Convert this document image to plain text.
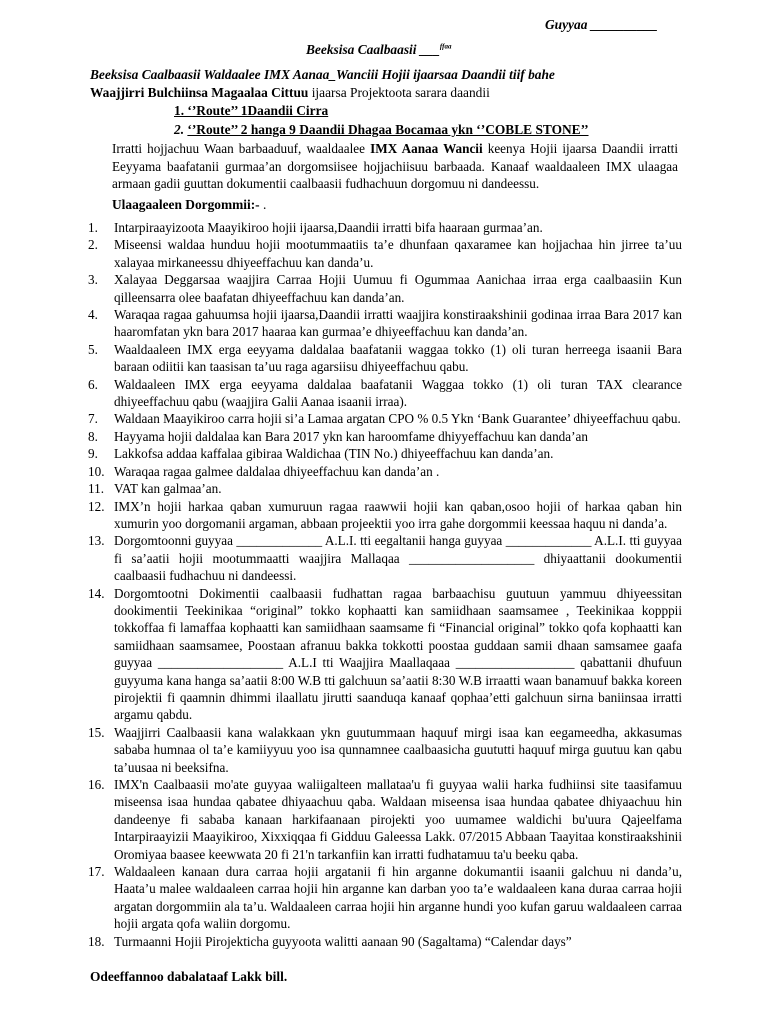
Guyyaa __________
Beeksisa Caalbaasii ___$^{ffaa}$
Beeksisa Caalbaasii Waldaalee IMX Aanaa_Wanciii Hojii ijaarsaa Daandii tiif bahe
Waajjirri Bulchiinsa Magaalaa Cittuu ijaarsa Projektoota sarara daandii
1. ‘’Route’’ 1Daandii Cirra
2. ‘’Route’’ 2 hanga 9 Daandii Dhagaa Bocamaa ykn ‘’COBLE STONE’’
Irratti hojjachuu Waan barbaaduuf, waaldaalee IMX Aanaa Wancii keenya Hojii ijaarsa Daandii irratti Eeyyama baafatanii gurmaa’an dorgomsiisee hojjachiisuu barbaada. Kanaaf waaldaaleen IMX ulaagaa armaan gadii guuttan dokumentii caalbaasii fudhachuun dorgomuu ni dandeessu.
Ulaagaaleen Dorgommii:- .
1.	Intarpiraayizoota Maayikiroo hojii ijaarsa,Daandii irratti bifa haaraan gurmaa’an.
2.	Miseensi waldaa hunduu hojii mootummaatiis ta’e dhunfaan qaxaramee kan hojjachaa hin jirree ta’uu xalayaa mirkaneessu dhiyeeffachuu kan danda’u.
3.	Xalayaa Deggarsaa waajjira Carraa Hojii Uumuu fi Ogummaa Aanichaa irraa erga caalbaasiin Kun qilleensarra olee baafatan dhiyeeffachuu kan danda’an.
4.	Waraqaa ragaa gahuumsa hojii ijaarsa,Daandii irratti waajjira konstiraakshinii godinaa irraa Bara 2017 kan haaromfatan ykn bara 2017 haaraa kan gurmaa’e dhiyeeffachuu kan danda’an.
5.	Waaldaaleen IMX erga eeyyama daldalaa baafatanii waggaa tokko (1) oli turan herreega isaanii Bara baraan odiitii kan taasisan ta’uu raga agarsiisu dhiyeeffachuu qabu.
6.	Waldaaleen IMX erga eeyyama daldalaa baafatanii Waggaa tokko (1) oli turan TAX clearance dhiyeeffachuu qabu (waajjira Galii Aanaa isaanii irraa).
7.	Waldaan Maayikiroo carra hojii si’a Lamaa argatan CPO % 0.5 Ykn ‘Bank Guarantee’ dhiyeeffachuu qabu.
8.	Hayyama hojii daldalaa kan Bara 2017 ykn kan haroomfame dhiyyeffachuu kan danda’an
9.	Lakkofsa addaa kaffalaa gibiraa Waldichaa (TIN No.) dhiyeeffachuu kan danda’an.
10. Waraqaa ragaa galmee daldalaa dhiyeeffachuu kan danda’an .
11. VAT kan galmaa’an.
12. IMX’n hojii harkaa qaban xumuruun ragaa raawwii hojii kan qaban,osoo hojii of harkaa qaban hin xumurin yoo dorgomanii argaman, abbaan projeektii yoo irra gahe dorgommii keessaa haquu ni danda’a.
13. Dorgomtoonni guyyaa _____________ A.L.I. tti eegaltanii hanga guyyaa _____________ A.L.I. tti guyyaa fi sa’aatii hojii mootummaatti waajjira Mallaqaa ___________________ dhiyaattanii dookumentii caalbaasii fudhachuu ni dandeessi.
14. Dorgomtootni Dokimentii caalbaasii fudhattan ragaa barbaachisu guutuun yammuu dhiyeessitan dookimentii Teekinikaa “original” tokko kophaatti kan samiidhaan saamsamee , Teekinikaa kopppii tokkoffaa fi lamaffaa kophaatti kan samiidhaan saamsame fi “Financial original” tokko qofa kophaatti kan samiidhaan saamsamee, Poostaan afranuu bakka tokkotti poostaa guddaan samii dhaan samsamee gaafa guyyaa ___________________ A.L.I tti Waajjira Maallaqaaa __________________ qabattanii dhufuun guyyuma kana hanga sa’aatii 8:00 W.B tti galchuun sa’aatii 8:30 W.B irraatti waan banamuuf bakka koreen pirojektii fi qaamnin dhimmi ilaallatu jirutti saanduqa kanaaf qophaa’etti galchuun sirna baniinsaa irratti argamu qabdu.
15. Waajjirri Caalbaasii kana walakkaan ykn guutummaan haquuf mirgi isaa kan eegameedha, akkasumas sababa humnaa ol ta’e kamiiyyuu yoo isa qunnamnee caalbaasicha guututti haquuf mirga guutuu kan qabu ta’uusaa ni beeksifna.
16. IMX'n Caalbaasii mo'ate guyyaa waliigalteen mallataa'u fi guyyaa walii harka fudhiinsi site taasifamuu miseensa isaa hundaa qabatee dhiyaachuu qaba. Waldaan miseensa isaa hundaa qabatee dhiyaachuu hin dandeenye fi sababa kanaan harkifaanaan pirojekti yoo uumamee waldichi bu'uura Qajeelfama Intarpiraayizii Maayikiroo, Xixxiqqaa fi Gidduu Galeessa Lakk. 07/2015 Abbaan Taayitaa konstiraakshinii Oromiyaa baasee keewwata 20 fi 21'n tarkanfiin kan irratti fudhatamuu ta'u beeku qaba.
17. Waldaaleen kanaan dura carraa hojii argatanii fi hin arganne dokumantii isaanii galchuu ni danda’u, Haata’u malee waldaaleen carraa hojii hin arganne kan darban yoo ta’e waldaaleen kana duraa carraa hojii argatan dorgommiin ala ta’u. Waldaaleen carraa hojii hin arganne hundi yoo kufan garuu waldaaleen carraa hojii argata qofa waliin dorgomu.
18. Turmaanni Hojii Pirojekticha guyyoota walitti aanaan 90 (Sagaltama) “Calendar days”
Odeeffannoo dabalataaf Lakk bill.
